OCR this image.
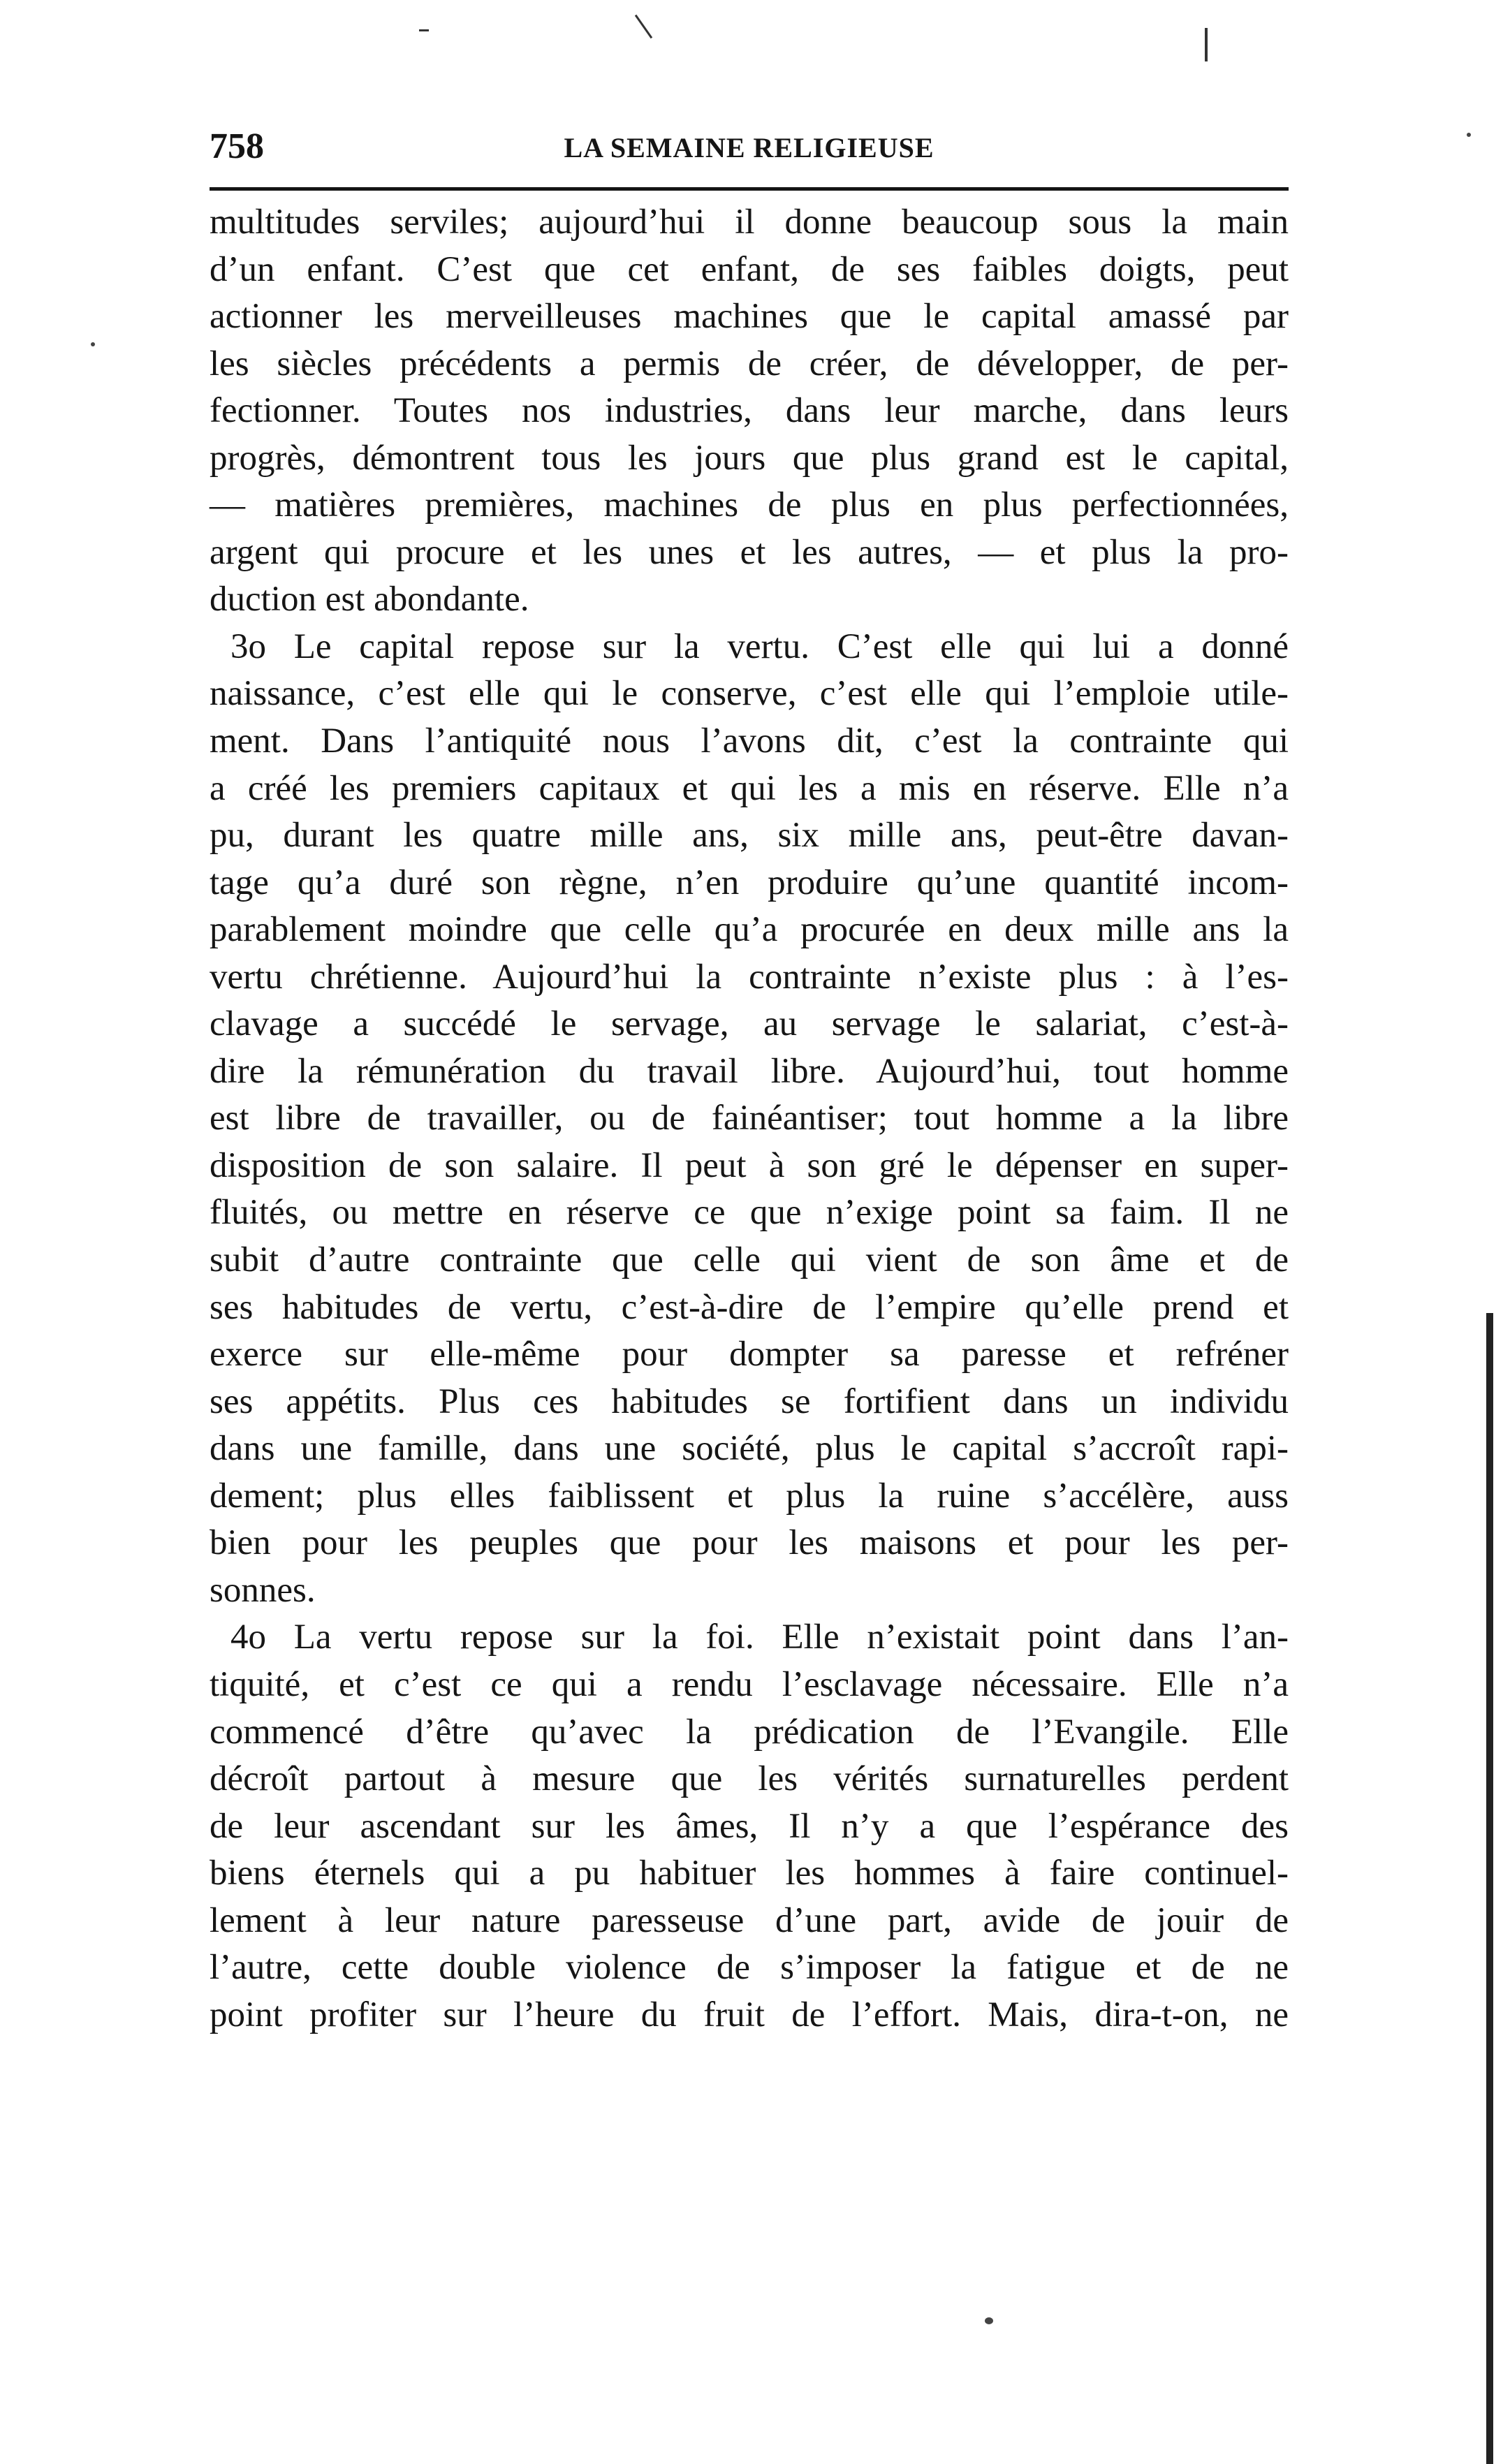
758	LA SEMAINE RELIGIEUSE
multitudes serviles; aujourd’hui il donne beaucoup sous la main
d’un enfant. C’est que cet enfant, de ses faibles doigts, peut
actionner les merveilleuses machines que le capital amassé par
les siècles précédents a permis de créer, de développer, de per-
fectionner. Toutes nos industries, dans leur marche, dans leurs
progrès, démontrent tous les jours que plus grand est le capital,
— matières premières, machines de plus en plus perfectionnées,
argent qui procure et les unes et les autres, — et plus la pro-
duction est abondante.
3o Le capital repose sur la vertu. C’est elle qui lui a donné
naissance, c’est elle qui le conserve, c’est elle qui l’emploie utile-
ment. Dans l’antiquité nous l’avons dit, c’est la contrainte qui
a créé les premiers capitaux et qui les a mis en réserve. Elle n’a
pu, durant les quatre mille ans, six mille ans, peut-être davan-
tage qu’a duré son règne, n’en produire qu’une quantité incom-
parablement moindre que celle qu’a procurée en deux mille ans la
vertu chrétienne. Aujourd’hui la contrainte n’existe plus : à l’es-
clavage a succédé le servage, au servage le salariat, c’est-à-
dire la rémunération du travail libre. Aujourd’hui, tout homme
est libre de travailler, ou de fainéantiser; tout homme a la libre
disposition de son salaire. Il peut à son gré le dépenser en super-
fluités, ou mettre en réserve ce que n’exige point sa faim. Il ne
subit d’autre contrainte que celle qui vient de son âme et de
ses habitudes de vertu, c’est-à-dire de l’empire qu’elle prend et
exerce sur elle-même pour dompter sa paresse et refréner
ses appétits. Plus ces habitudes se fortifient dans un individu
dans une famille, dans une société, plus le capital s’accroît rapi-
dement; plus elles faiblissent et plus la ruine s’accélère, auss
bien pour les peuples que pour les maisons et pour les per-
sonnes.
4o La vertu repose sur la foi. Elle n’existait point dans l’an-
tiquité, et c’est ce qui a rendu l’esclavage nécessaire. Elle n’a
commencé d’être qu’avec la prédication de l’Evangile. Elle
décroît partout à mesure que les vérités surnaturelles perdent
de leur ascendant sur les âmes, Il n’y a que l’espérance des
biens éternels qui a pu habituer les hommes à faire continuel-
lement à leur nature paresseuse d’une part, avide de jouir de
l’autre, cette double violence de s’imposer la fatigue et de ne
point profiter sur l’heure du fruit de l’effort. Mais, dira-t-on, ne
